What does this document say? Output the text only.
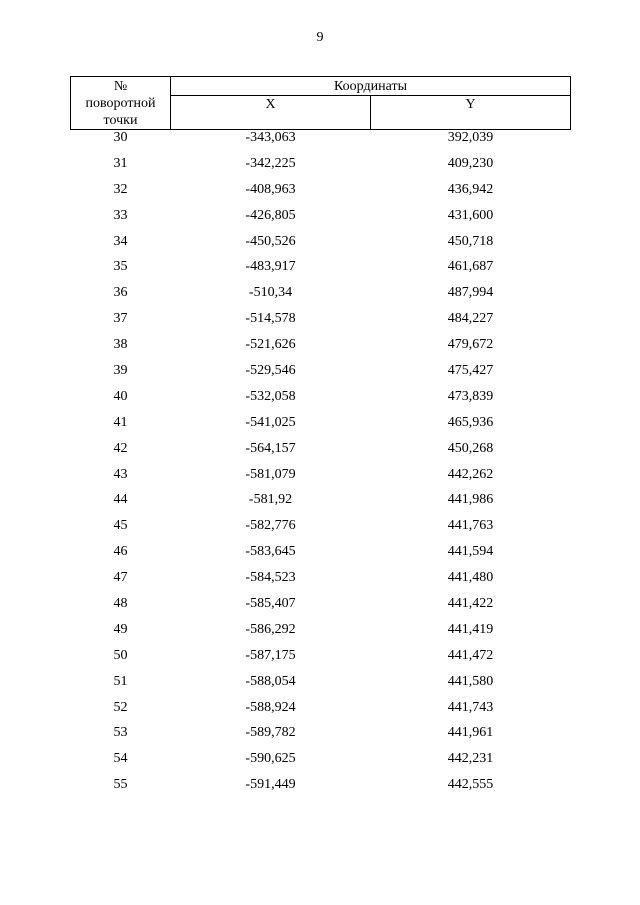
9
№
поворотной
точки	Координаты	
	X	Y
30	-343,063	392,039
31	-342,225	409,230
32	-408,963	436,942
33	-426,805	431,600
34	-450,526	450,718
35	-483,917	461,687
36	-510,34	487,994
37	-514,578	484,227
38	-521,626	479,672
39	-529,546	475,427
40	-532,058	473,839
41	-541,025	465,936
42	-564,157	450,268
43	-581,079	442,262
44	-581,92	441,986
45	-582,776	441,763
46	-583,645	441,594
47	-584,523	441,480
48	-585,407	441,422
49	-586,292	441,419
50	-587,175	441,472
51	-588,054	441,580
52	-588,924	441,743
53	-589,782	441,961
54	-590,625	442,231
55	-591,449	442,555
